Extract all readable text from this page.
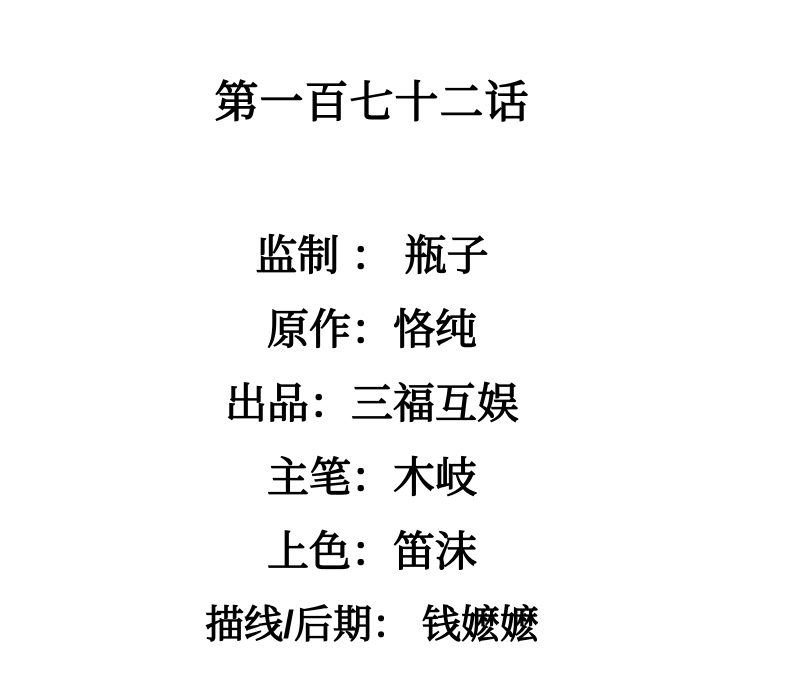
第一百七十二话
监制 ： 瓶子
原作：恪纯
出品：三福互娱
主笔：木岐
上色：笛沫
描线/后期： 钱嬷嬷
